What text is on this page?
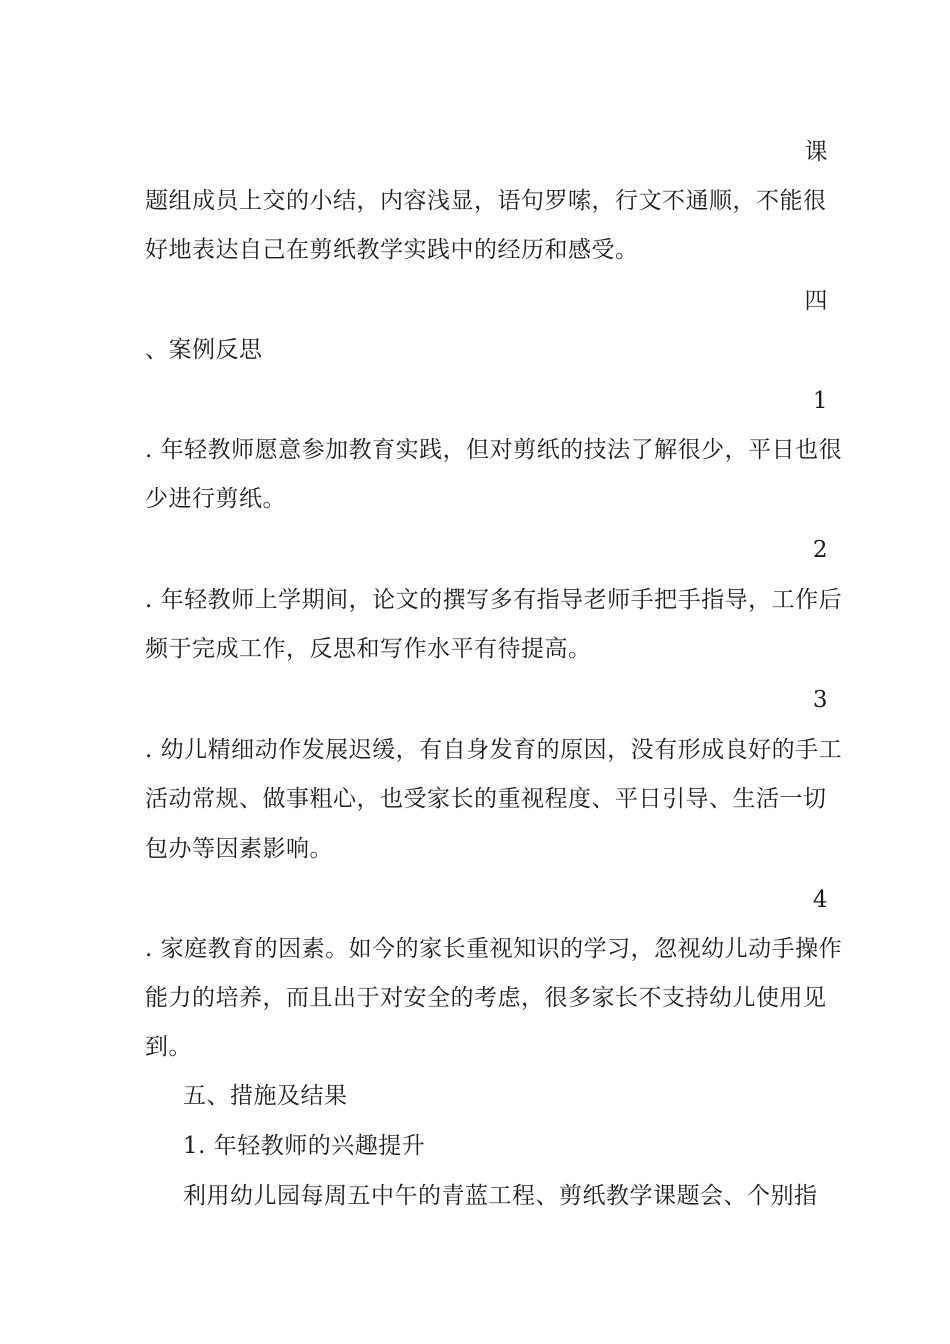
课
题组成员上交的小结，内容浅显，语句罗嗦，行文不通顺，不能很
好地表达自己在剪纸教学实践中的经历和感受。
四
、案例反思
1
. 年轻教师愿意参加教育实践，但对剪纸的技法了解很少，平日也很
少进行剪纸。
2
. 年轻教师上学期间，论文的撰写多有指导老师手把手指导，工作后
频于完成工作，反思和写作水平有待提高。
3
. 幼儿精细动作发展迟缓，有自身发育的原因，没有形成良好的手工
活动常规、做事粗心，也受家长的重视程度、平日引导、生活一切
包办等因素影响。
4
. 家庭教育的因素。如今的家长重视知识的学习，忽视幼儿动手操作
能力的培养，而且出于对安全的考虑，很多家长不支持幼儿使用见
到。
五、措施及结果
1. 年轻教师的兴趣提升
利用幼儿园每周五中午的青蓝工程、剪纸教学课题会、个别指
